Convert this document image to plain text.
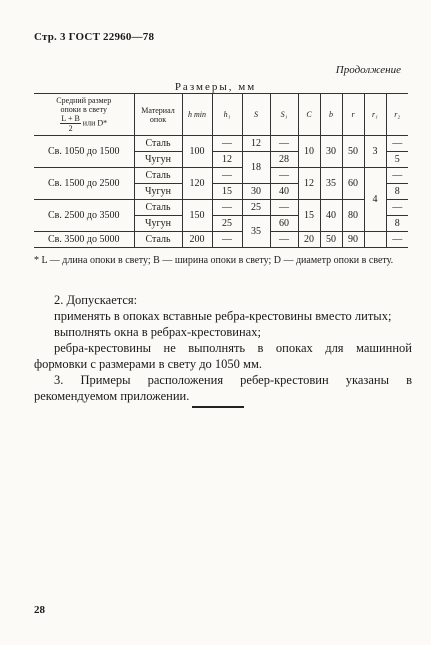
Стр. 3 ГОСТ 22960—78
Продолжение
Размеры, мм
Средний размер
опоки в свету
$\frac{L + B}{2}$ или D*	Материал опок	h min	h₁	S	S₁	C	b	r	r₁	r₂
Св. 1050 до 1500	Сталь	100	—	12	—	10	30	50	3	—
	Чугун		12	18	28					5
Св. 1500 до 2500	Сталь	120	—		—	12	35	60	4	—
	Чугун		15	30	40					8
Св. 2500 до 3500	Сталь	150	—	25	—	15	40	80		—
	Чугун		25	35	60					8
Св. 3500 до 5000	Сталь	200	—		—	20	50	90		—
* L — длина опоки в свету; B — ширина опоки в свету; D — диаметр опоки в свету.

2. Допускается:

применять в опоках вставные ребра-крестовины вместо литых;

выполнять окна в ребрах-крестовинах;

ребра-крестовины не выполнять в опоках для машинной формовки с размерами в свету до 1050 мм.

3. Примеры расположения ребер-крестовин указаны в рекомендуемом приложении.

28
